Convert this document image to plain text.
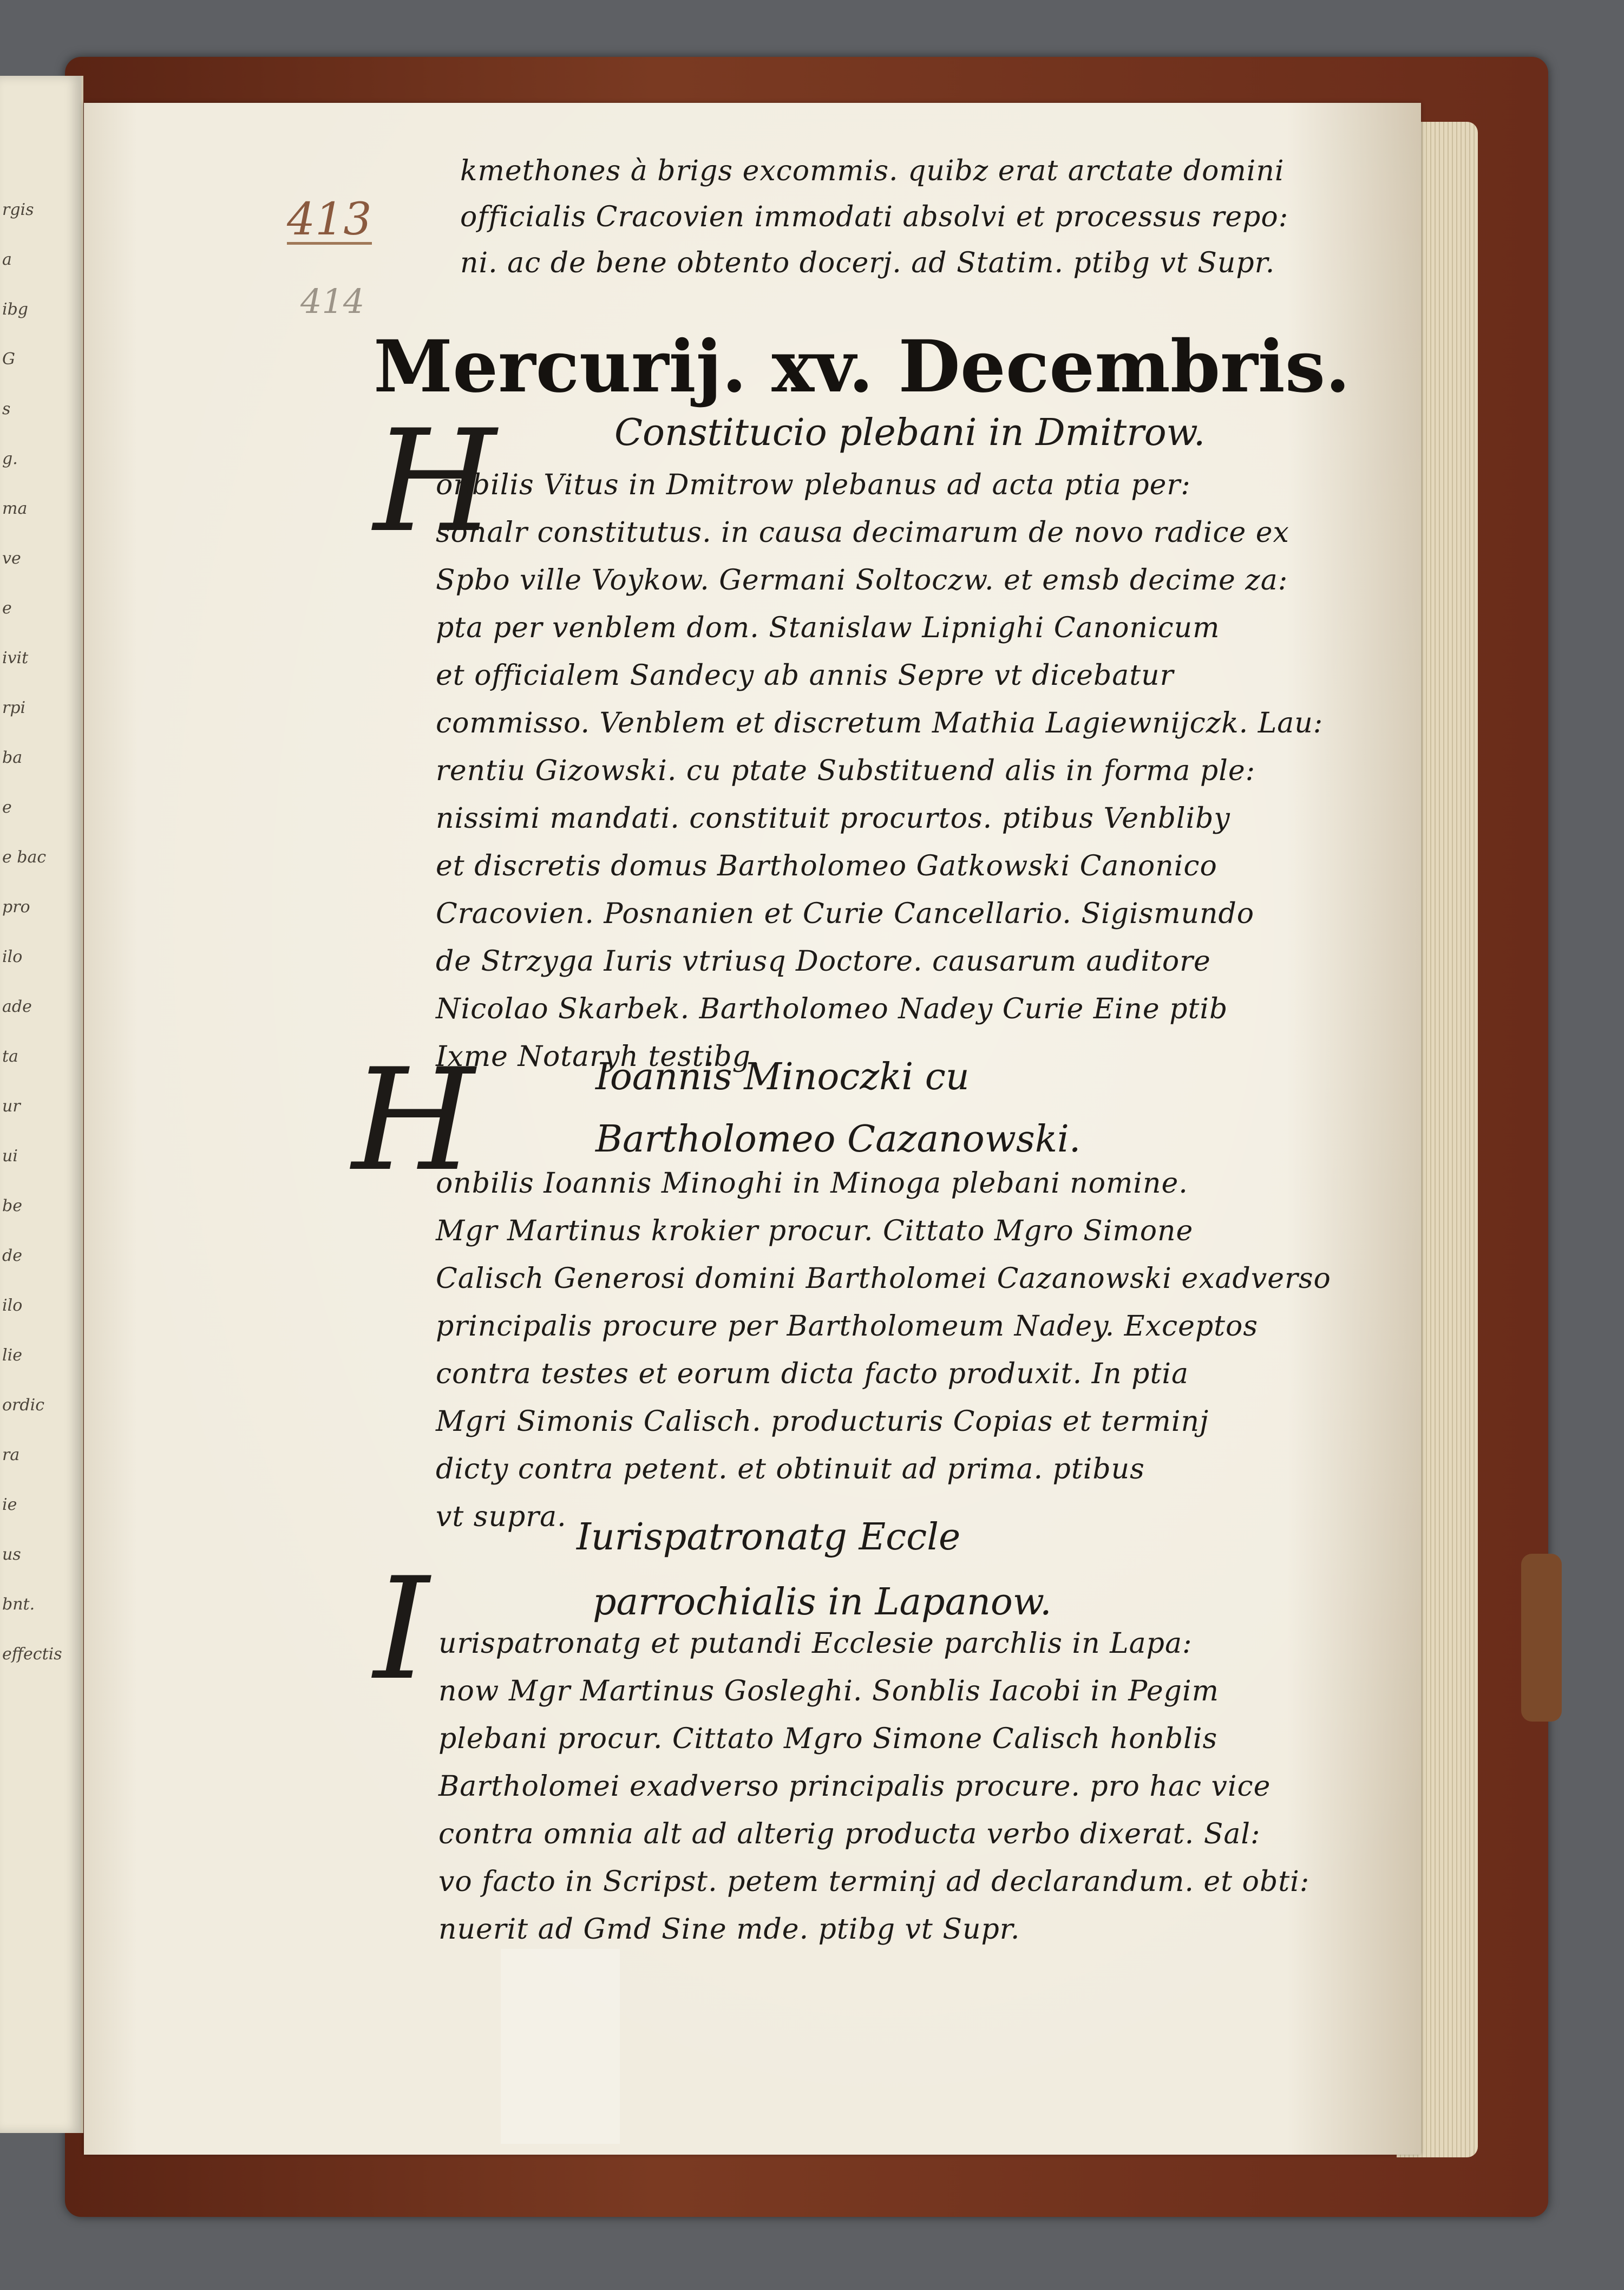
rgis
a
ibg
G
s
g.
ma
ve
e
ivit
rpi
ba
e
e bac
pro
ilo
ade
ta
ur
ui
be
de
ilo
lie
ordic
ra
ie
us
bnt.
effectis
413
414
kmethones à brigs excommis. quibz erat arctate domini
officialis Cracovien immodati absolvi et processus repo:
ni. ac de bene obtento docerj. ad Statim. ptibg vt Supr.
Mercurij. xv. Decembris.
Constitucio plebani in Dmitrow.
H
Ioannis Minoczki cu
Bartholomeo Cazanowski.
H
Iurispatronatg Eccle
parrochialis in Lapanow.
I
onbilis Vitus in Dmitrow plebanus ad acta ptia per:
sonalr constitutus. in causa decimarum de novo radice ex
Spbo ville Voykow. Germani Soltoczw. et emsb decime za:
pta per venblem dom. Stanislaw Lipnighi Canonicum
et officialem Sandecy ab annis Sepre vt dicebatur
commisso. Venblem et discretum Mathia Lagiewnijczk. Lau:
rentiu Gizowski. cu ptate Substituend alis in forma ple:
nissimi mandati. constituit procurtos. ptibus Venbliby
et discretis domus Bartholomeo Gatkowski Canonico
Cracovien. Posnanien et Curie Cancellario. Sigismundo
de Strzyga Iuris vtriusq Doctore. causarum auditore
Nicolao Skarbek. Bartholomeo Nadey Curie Eine ptib
Ixme Notaryh testibg.
onbilis Ioannis Minoghi in Minoga plebani nomine.
Mgr Martinus krokier procur. Cittato Mgro Simone
Calisch Generosi domini Bartholomei Cazanowski exadverso
principalis procure per Bartholomeum Nadey. Exceptos
contra testes et eorum dicta facto produxit. In ptia
Mgri Simonis Calisch. producturis Copias et terminj
dicty contra petent. et obtinuit ad prima. ptibus
vt supra.
urispatronatg et putandi Ecclesie parchlis in Lapa:
now Mgr Martinus Gosleghi. Sonblis Iacobi in Pegim
plebani procur. Cittato Mgro Simone Calisch honblis
Bartholomei exadverso principalis procure. pro hac vice
contra omnia alt ad alterig producta verbo dixerat. Sal:
vo facto in Scripst. petem terminj ad declarandum. et obti:
nuerit ad Gmd Sine mde. ptibg vt Supr.
